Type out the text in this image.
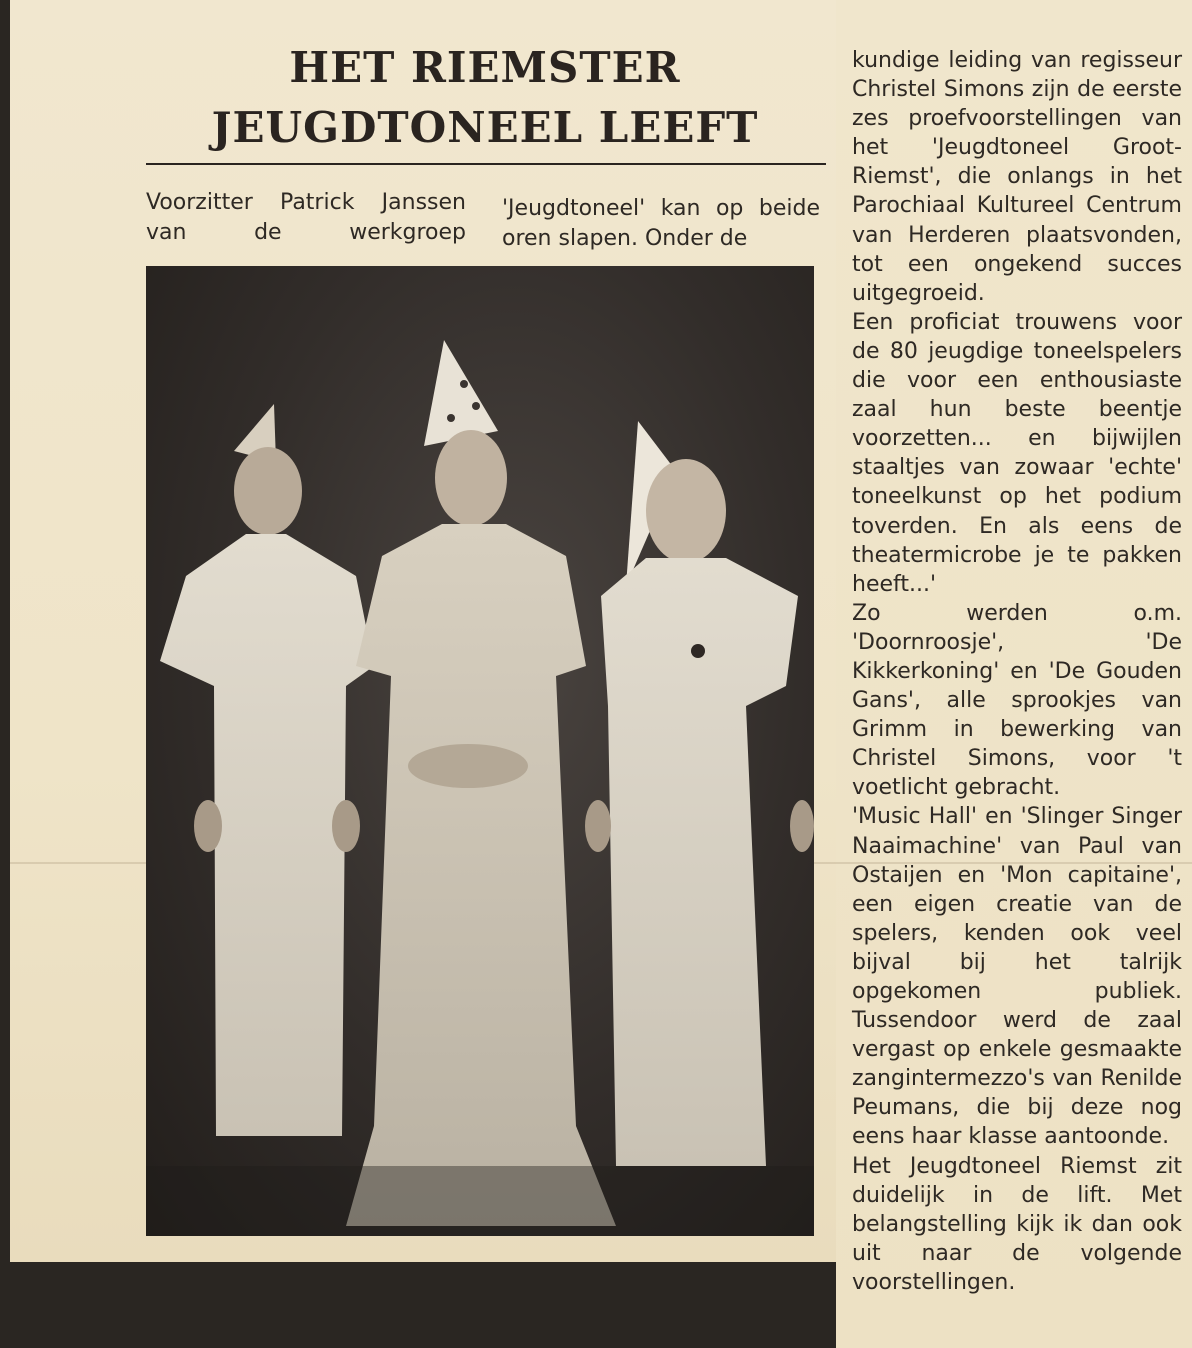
HET RIEMSTER
JEUGDTONEEL LEEFT

Voorzitter Patrick Janssen van de werkgroep

'Jeugdtoneel' kan op beide oren slapen. Onder de

kundige leiding van regisseur Christel Simons zijn de eerste zes proefvoorstellingen van het 'Jeugdtoneel Groot-Riemst', die onlangs in het Parochiaal Kultureel Centrum van Herderen plaatsvonden, tot een ongekend succes uitgegroeid.
Een proficiat trouwens voor de 80 jeugdige toneelspelers die voor een enthousiaste zaal hun beste beentje voorzetten... en bijwijlen staaltjes van zowaar 'echte' toneelkunst op het podium toverden. En als eens de theatermicrobe je te pakken heeft...'
Zo werden o.m. 'Doornroosje', 'De Kikkerkoning' en 'De Gouden Gans', alle sprookjes van Grimm in bewerking van Christel Simons, voor 't voetlicht gebracht.
'Music Hall' en 'Slinger Singer Naaimachine' van Paul van Ostaijen en 'Mon capitaine', een eigen creatie van de spelers, kenden ook veel bijval bij het talrijk opgekomen publiek. Tussendoor werd de zaal vergast op enkele gesmaakte zangintermezzo's van Renilde Peumans, die bij deze nog eens haar klasse aantoonde.
Het Jeugdtoneel Riemst zit duidelijk in de lift. Met belangstelling kijk ik dan ook uit naar de volgende voorstellingen.
